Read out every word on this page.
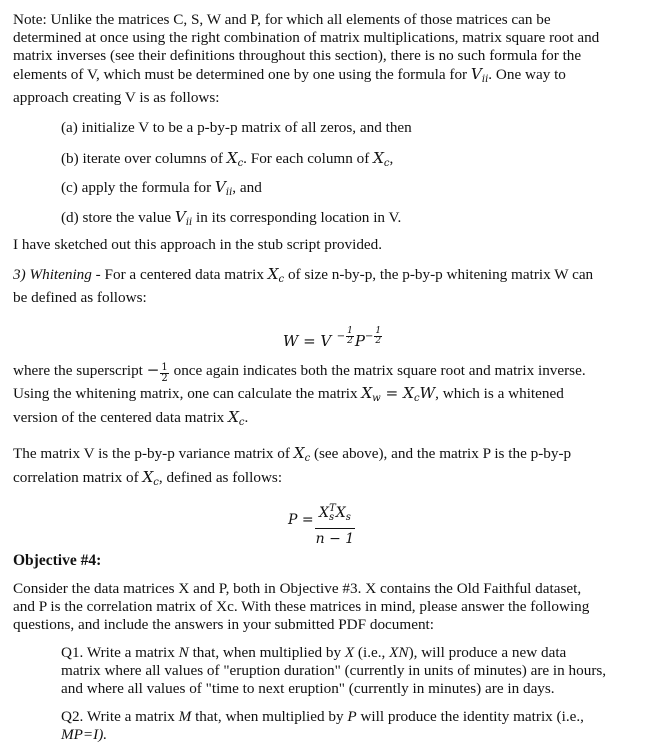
Note: Unlike the matrices C, S, W and P, for which all elements of those matrices can be

determined at once using the right combination of matrix multiplications, matrix square root and

matrix inverses (see their definitions throughout this section), there is no such formula for the

elements of V, which must be determined one by one using the formula for $V_{ii}$. One way to

approach creating V is as follows:

(a) initialize V to be a p-by-p matrix of all zeros, and then

(b) iterate over columns of $X_c$. For each column of $X_c$,

(c) apply the formula for $V_{ii}$, and

(d) store the value $V_{ii}$ in its corresponding location in V.

I have sketched out this approach in the stub script provided.

3) Whitening - For a centered data matrix $X_c$ of size n-by-p, the p-by-p whitening matrix W can

be defined as follows:

W = V
$^- \frac{1}{2} P^- \frac{1}{2}$

where the superscript − $\frac{1}{2}$ once again indicates both the matrix square root and matrix inverse.

Using the whitening matrix, one can calculate the matrix $X_w = X_cW$, which is a whitened

version of the centered data matrix $X_c$.

The matrix V is the p-by-p variance matrix of $X_c$ (see above), and the matrix P is the p-by-p

correlation matrix of $X_c$, defined as follows:

$P = X_s^TX_s$
n − 1

Objective #4:

Consider the data matrices X and P, both in Objective #3. X contains the Old Faithful dataset,

and P is the correlation matrix of Xc. With these matrices in mind, please answer the following

questions, and include the answers in your submitted PDF document:

Q1. Write a matrix N that, when multiplied by X (i.e., XN), will produce a new data

matrix where all values of "eruption duration" (currently in units of minutes) are in hours,

and where all values of "time to next eruption" (currently in minutes) are in days.

Q2. Write a matrix M that, when multiplied by P will produce the identity matrix (i.e.,

MP=I).
